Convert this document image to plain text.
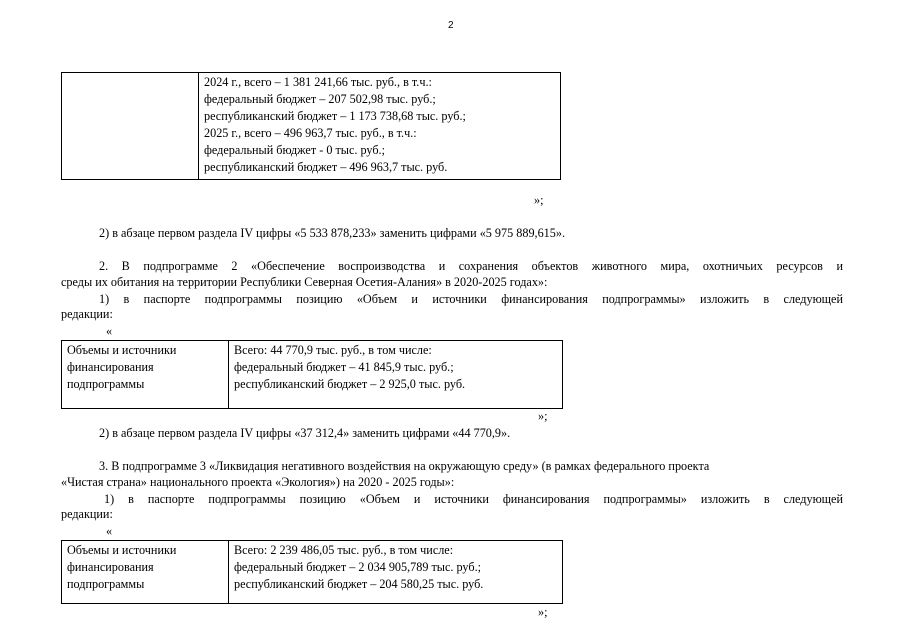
2
2024 г., всего – 1 381 241,66 тыс. руб., в т.ч.:
федеральный бюджет – 207 502,98 тыс. руб.;
республиканский бюджет – 1 173 738,68 тыс. руб.;
2025 г., всего – 496 963,7 тыс. руб., в т.ч.:
федеральный бюджет - 0 тыс. руб.;
республиканский бюджет – 496 963,7 тыс. руб.
»;
2) в абзаце первом раздела IV цифры «5 533 878,233» заменить цифрами «5 975 889,615».
2. В подпрограмме 2 «Обеспечение воспроизводства и сохранения объектов животного мира, охотничьих ресурсов и
среды их обитания на территории Республики Северная Осетия-Алания» в 2020-2025 годах»:
1) в паспорте подпрограммы позицию «Объем и источники финансирования подпрограммы» изложить в следующей
редакции:
«
Объемы и источники
финансирования
подпрограммы
Всего: 44 770,9 тыс. руб., в том числе:
федеральный бюджет – 41 845,9 тыс. руб.;
республиканский бюджет – 2 925,0 тыс. руб.
»;
2) в абзаце первом раздела IV цифры «37 312,4» заменить цифрами «44 770,9».
3. В подпрограмме 3 «Ликвидация негативного воздействия на окружающую среду» (в рамках федерального проекта
«Чистая страна» национального проекта «Экология») на 2020 - 2025 годы»:
1) в паспорте подпрограммы позицию «Объем и источники финансирования подпрограммы» изложить в следующей
редакции:
«
Объемы и источники
финансирования
подпрограммы
Всего: 2 239 486,05 тыс. руб., в том числе:
федеральный бюджет – 2 034 905,789 тыс. руб.;
республиканский бюджет – 204 580,25 тыс. руб.
»;
